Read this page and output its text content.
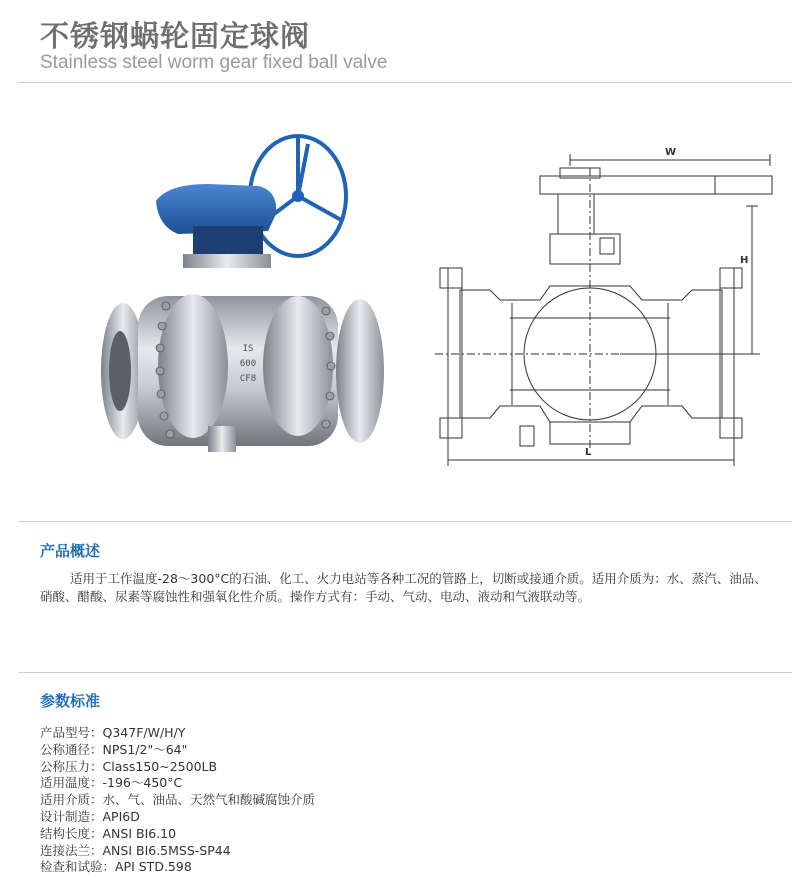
不锈钢蜗轮固定球阀
Stainless steel worm gear fixed ball valve
IS
600
CF8
W
H
L
产品概述
适用于工作温度-28～300°C的石油、化工、火力电站等各种工况的管路上，切断或接通介质。适用介质为：水、蒸汽、油品、硝酸、醋酸、尿素等腐蚀性和强氧化性介质。操作方式有：手动、气动、电动、液动和气液联动等。
参数标准
产品型号：Q347F/W/H/Y
公称通径：NPS1/2"～64"
公称压力：Class150~2500LB
适用温度：-196～450°C
适用介质：水、气、油品、天然气和酸碱腐蚀介质
设计制造：API6D
结构长度：ANSI BI6.10
连接法兰：ANSI BI6.5MSS-SP44
检查和试验：API STD.598
